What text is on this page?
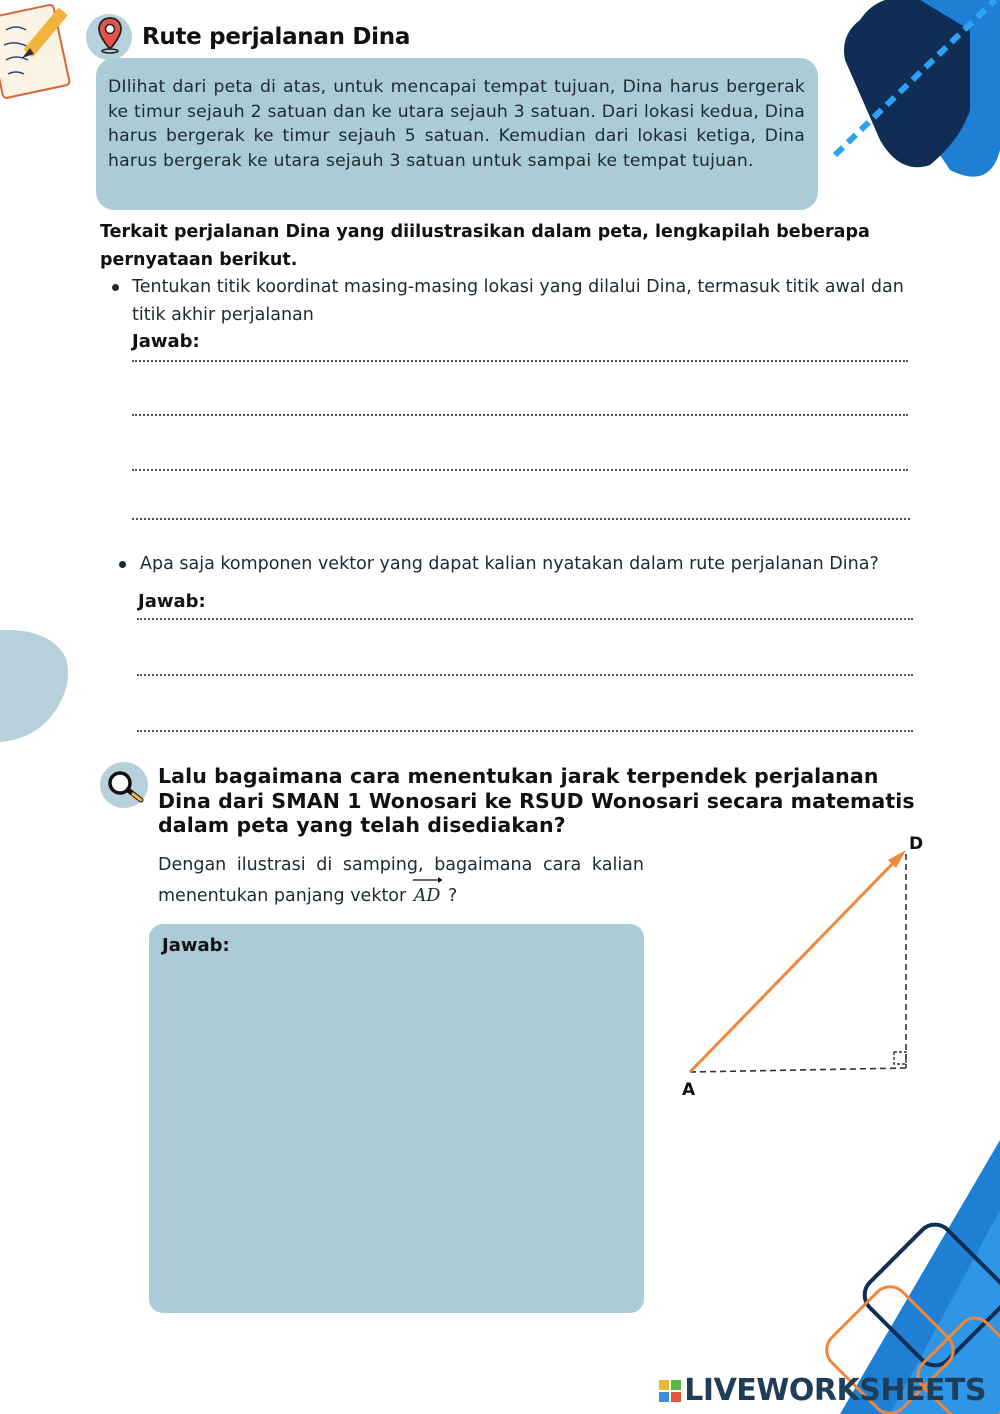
Rute perjalanan Dina
DIlihat dari peta di atas, untuk mencapai tempat tujuan, Dina harus bergerak ke timur sejauh 2 satuan dan ke utara sejauh 3 satuan. Dari lokasi kedua, Dina harus bergerak ke timur sejauh 5 satuan. Kemudian dari lokasi ketiga, Dina harus bergerak ke utara sejauh 3 satuan untuk sampai ke tempat tujuan.
Terkait perjalanan Dina yang diilustrasikan dalam peta, lengkapilah beberapa pernyataan berikut.
Tentukan titik koordinat masing-masing lokasi yang dilalui Dina, termasuk titik awal dan titik akhir perjalanan
Jawab:
Apa saja komponen vektor yang dapat kalian nyatakan dalam rute perjalanan Dina?
Jawab:
Lalu bagaimana cara menentukan jarak terpendek perjalanan Dina dari SMAN 1 Wonosari ke RSUD Wonosari secara matematis dalam peta yang telah disediakan?
Dengan ilustrasi di samping, bagaimana cara kalian menentukan panjang vektor AD ?
Jawab:
A
D
LIVEWORKSHEETS
